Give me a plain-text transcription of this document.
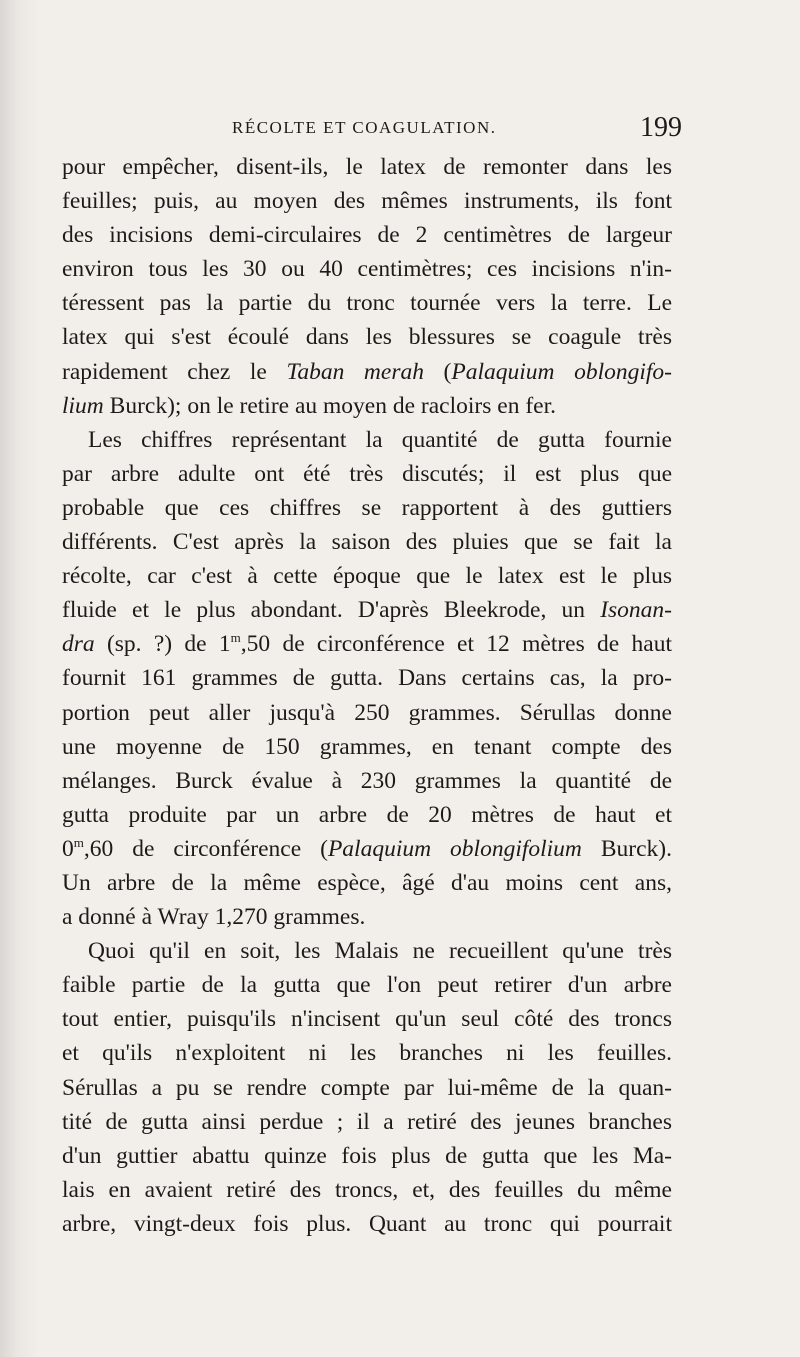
RÉCOLTE ET COAGULATION.	199
pour empêcher, disent-ils, le latex de remonter dans les
feuilles; puis, au moyen des mêmes instruments, ils font
des incisions demi-circulaires de 2 centimètres de largeur
environ tous les 30 ou 40 centimètres; ces incisions n'in-
téressent pas la partie du tronc tournée vers la terre. Le
latex qui s'est écoulé dans les blessures se coagule très
rapidement chez le Taban merah (Palaquium oblongifo-
lium Burck); on le retire au moyen de racloirs en fer.
Les chiffres représentant la quantité de gutta fournie
par arbre adulte ont été très discutés; il est plus que
probable que ces chiffres se rapportent à des guttiers
différents. C'est après la saison des pluies que se fait la
récolte, car c'est à cette époque que le latex est le plus
fluide et le plus abondant. D'après Bleekrode, un Isonan-
dra (sp. ?) de 1$^m$,50 de circonférence et 12 mètres de haut
fournit 161 grammes de gutta. Dans certains cas, la pro-
portion peut aller jusqu'à 250 grammes. Sérullas donne
une moyenne de 150 grammes, en tenant compte des
mélanges. Burck évalue à 230 grammes la quantité de
gutta produite par un arbre de 20 mètres de haut et
0$^m$,60 de circonférence (Palaquium oblongifolium Burck).
Un arbre de la même espèce, âgé d'au moins cent ans,
a donné à Wray 1,270 grammes.
Quoi qu'il en soit, les Malais ne recueillent qu'une très
faible partie de la gutta que l'on peut retirer d'un arbre
tout entier, puisqu'ils n'incisent qu'un seul côté des troncs
et qu'ils n'exploitent ni les branches ni les feuilles.
Sérullas a pu se rendre compte par lui-même de la quan-
tité de gutta ainsi perdue ; il a retiré des jeunes branches
d'un guttier abattu quinze fois plus de gutta que les Ma-
lais en avaient retiré des troncs, et, des feuilles du même
arbre, vingt-deux fois plus. Quant au tronc qui pourrait
